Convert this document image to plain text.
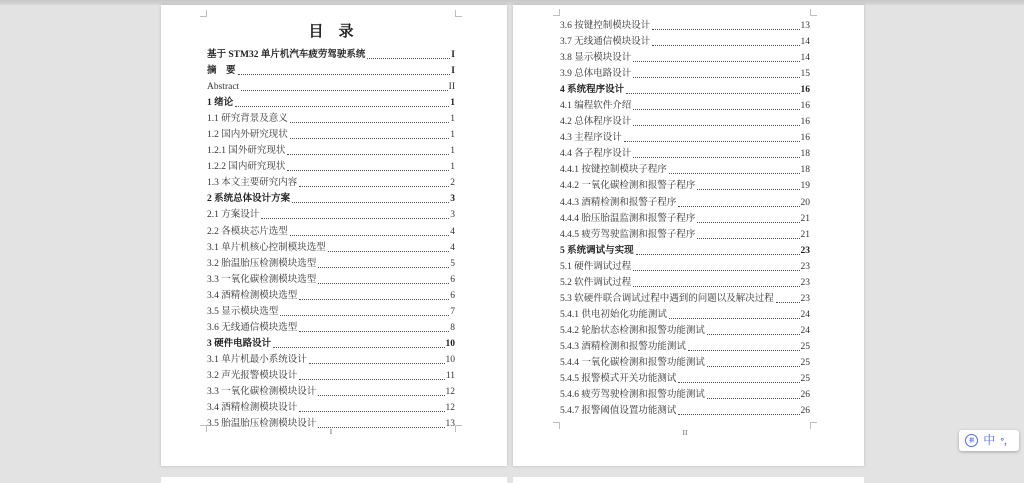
目　录
基于 STM32 单片机汽车疲劳驾驶系统	I
摘　要	I
Abstract	II
1 绪论	1
1.1 研究背景及意义	1
1.2 国内外研究现状	1
1.2.1 国外研究现状	1
1.2.2 国内研究现状	1
1.3 本文主要研究内容	2
2 系统总体设计方案	3
2.1 方案设计	3
2.2 各模块芯片选型	4
3.1 单片机核心控制模块选型	4
3.2 胎温胎压检测模块选型	5
3.3 一氧化碳检测模块选型	6
3.4 酒精检测模块选型	6
3.5 显示模块选型	7
3.6 无线通信模块选型	8
3 硬件电路设计	10
3.1 单片机最小系统设计	10
3.2 声光报警模块设计	11
3.3 一氧化碳检测模块设计	12
3.4 酒精检测模块设计	12
3.5 胎温胎压检测模块设计	13
I
3.6 按键控制模块设计	13
3.7 无线通信模块设计	14
3.8 显示模块设计	14
3.9 总体电路设计	15
4 系统程序设计	16
4.1 编程软件介绍	16
4.2 总体程序设计	16
4.3 主程序设计	16
4.4 各子程序设计	18
4.4.1 按键控制模块子程序	18
4.4.2 一氧化碳检测和报警子程序	19
4.4.3 酒精检测和报警子程序	20
4.4.4 胎压胎温监测和报警子程序	21
4.4.5 疲劳驾驶监测和报警子程序	21
5 系统调试与实现	23
5.1 硬件调试过程	23
5.2 软件调试过程	23
5.3 软硬件联合调试过程中遇到的问题以及解决过程	23
5.4.1 供电初始化功能测试	24
5.4.2 轮胎状态检测和报警功能测试	24
5.4.3 酒精检测和报警功能测试	25
5.4.4 一氧化碳检测和报警功能测试	25
5.4.5 报警模式开关功能测试	25
5.4.6 疲劳驾驶检测和报警功能测试	26
5.4.7 报警阈值设置功能测试	26
II
拼 中 °，
